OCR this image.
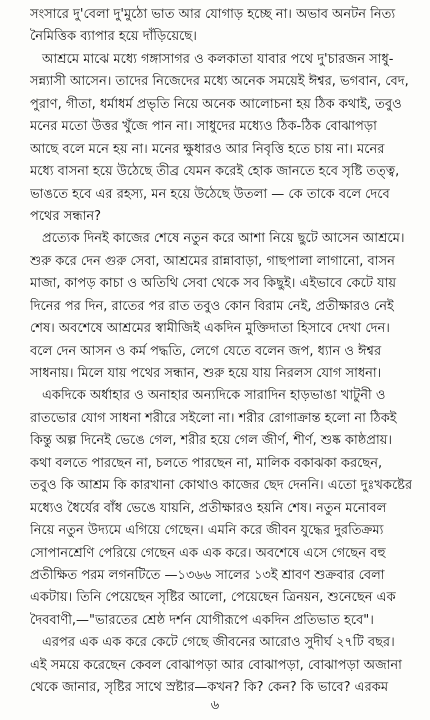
সংসারে দু'বেলা দু'মুঠো ভাত আর যোগাড় হচ্ছে না। অভাব অনটন নিত্য
নৈমিত্তিক ব্যাপার হয়ে দাঁড়িয়েছে।
আশ্রমে মাঝে মধ্যে গঙ্গাসাগর ও কলকাতা যাবার পথে দু'চারজন সাধু-
সন্ন্যাসী আসেন। তাদের নিজেদের মধ্যে অনেক সময়েই ঈশ্বর, ভগবান, বেদ,
পুরাণ, গীতা, ধর্মাধর্ম প্রভৃতি নিয়ে অনেক আলোচনা হয় ঠিক কথাই, তবুও
মনের মতো উত্তর খুঁজে পান না। সাধুদের মধ্যেও ঠিক-ঠিক বোঝাপড়া
আছে বলে মনে হয় না। মনের ক্ষুধারও আর নিবৃত্তি হতে চায় না। মনের
মধ্যে বাসনা হয়ে উঠেছে তীব্র যেমন করেই হোক জানতে হবে সৃষ্টি তত্ত্ব,
ভাঙতে হবে এর রহস্য, মন হয়ে উঠেছে উতলা — কে তাকে বলে দেবে
পথের সন্ধান?
প্রত্যেক দিনই কাজের শেষে নতুন করে আশা নিয়ে ছুটে আসেন আশ্রমে।
শুরু করে দেন গুরু সেবা, আশ্রমের রান্নাবাড়া, গাছপালা লাগানো, বাসন
মাজা, কাপড় কাচা ও অতিথি সেবা থেকে সব কিছুই। এইভাবে কেটে যায়
দিনের পর দিন, রাতের পর রাত তবুও কোন বিরাম নেই, প্রতীক্ষারও নেই
শেষ। অবশেষে আশ্রমের স্বামীজিই একদিন মুক্তিদাতা হিসাবে দেখা দেন।
বলে দেন আসন ও কর্ম পদ্ধতি, লেগে যেতে বলেন জপ, ধ্যান ও ঈশ্বর
সাধনায়। মিলে যায় পথের সন্ধান, শুরু হয়ে যায় নিরলস যোগ সাধনা।
একদিকে অর্ধাহার ও অনাহার অন্যদিকে সারাদিন হাড়ভাঙা খাটুনী ও
রাতভোর যোগ সাধনা শরীরে সইলো না। শরীর রোগাক্রান্ত হলো না ঠিকই
কিন্তু অল্প দিনেই ভেঙে গেল, শরীর হয়ে গেল জীর্ণ, শীর্ণ, শুষ্ক কাষ্ঠপ্রায়।
কথা বলতে পারছেন না, চলতে পারছেন না, মালিক বকাঝকা করছেন,
তবুও কি আশ্রম কি কারখানা কোথাও কাজের ছেদ দেননি। এতো দুঃখকষ্টের
মধ্যেও ধৈর্যের বাঁধ ভেঙে যায়নি, প্রতীক্ষারও হয়নি শেষ। নতুন মনোবল
নিয়ে নতুন উদ্যমে এগিয়ে গেছেন। এমনি করে জীবন যুদ্ধের দুরতিক্রম্য
সোপানশ্রেণি পেরিয়ে গেছেন এক এক করে। অবশেষে এসে গেছেন বহু
প্রতীক্ষিত পরম লগনটিতে —১৩৬৬ সালের ১৩ই শ্রাবণ শুক্রবার বেলা
একটায়। তিনি পেয়েছেন সৃষ্টির আলো, পেয়েছেন ত্রিনয়ন, শুনেছেন এক
দৈববাণী,—"ভারতের শ্রেষ্ঠ দর্শন যোগীরূপে একদিন প্রতিভাত হবে"।
এরপর এক এক করে কেটে গেছে জীবনের আরোও সুদীর্ঘ ২৭টি বছর।
এই সময়ে করেছেন কেবল বোঝাপড়া আর বোঝাপড়া, বোঝাপড়া অজানা
থেকে জানার, সৃষ্টির সাথে স্রষ্টার—কখন? কি? কেন? কি ভাবে? এরকম
৬
